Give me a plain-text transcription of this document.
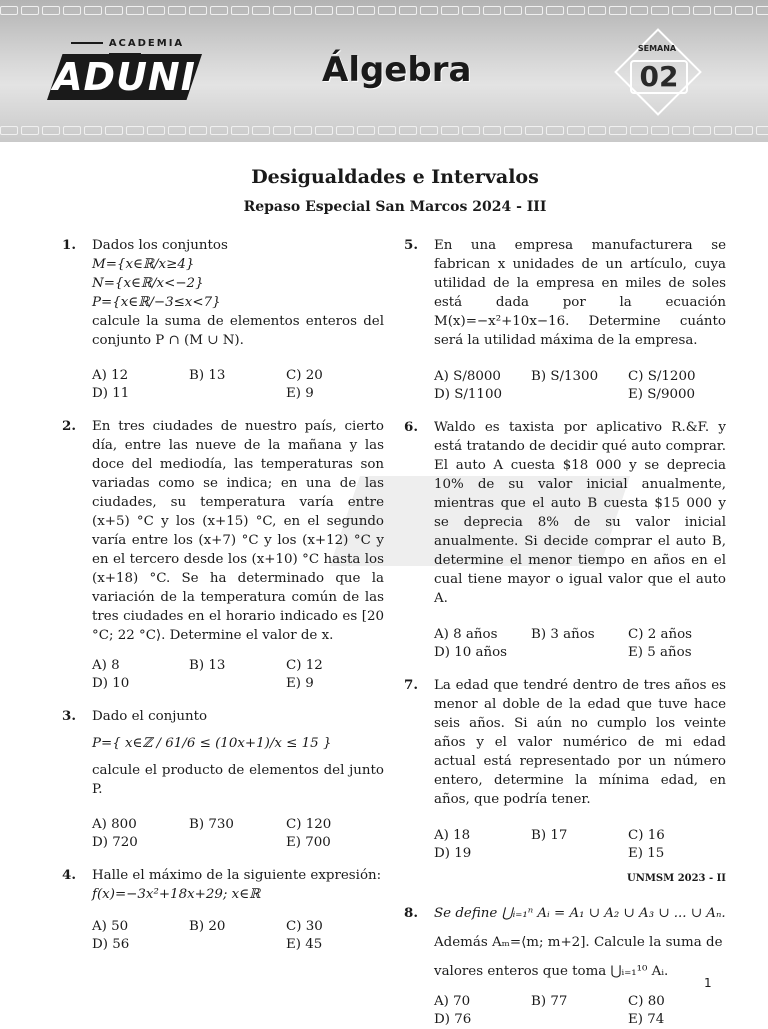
ACADEMIA
ADUNI	Álgebra
SEMANA
02
Desigualdades e Intervalos
Repaso Especial San Marcos 2024 - III
1. Dados los conjuntos

M={x∈ℝ/x≥4}

N={x∈ℝ/x<−2}

P={x∈ℝ/−3≤x<7}

calcule la suma de elementos enteros del conjunto P ∩ (M ∪ N).

A) 12	B) 13	C) 20
D) 11	E) 9
2. En tres ciudades de nuestro país, cierto día, entre las nueve de la mañana y las doce del mediodía, las temperaturas son variadas como se indica; en una de las ciudades, su temperatura varía entre (x+5) °C y los (x+15) °C, en el segundo varía entre los (x+7) °C y los (x+12) °C y en el tercero desde los (x+10) °C hasta los (x+18) °C. Se ha determinado que la variación de la temperatura común de las tres ciudades en el horario indicado es [20 °C; 22 °C⟩. Determine el valor de x.

A) 8	B) 13	C) 12
D) 10	E) 9
3. Dado el conjunto

P={ x∈ℤ / 61/6 ≤ (10x+1)/x ≤ 15 }

calcule el producto de elementos del junto P.

A) 800	B) 730	C) 120
D) 720	E) 700
4. Halle el máximo de la siguiente expresión:

f(x)=−3x²+18x+29; x∈ℝ

A) 50	B) 20	C) 30
D) 56	E) 45
5. En una empresa manufacturera se fabrican x unidades de un artículo, cuya utilidad de la empresa en miles de soles está dada por la ecuación M(x)=−x²+10x−16. Determine cuánto será la utilidad máxima de la empresa.

A) S/8000	B) S/1300	C) S/1200
D) S/1100	E) S/9000
6. Waldo es taxista por aplicativo R.&F. y está tratando de decidir qué auto comprar. El auto A cuesta $18 000 y se deprecia 10% de su valor inicial anualmente, mientras que el auto B cuesta $15 000 y se deprecia 8% de su valor inicial anualmente. Si decide comprar el auto B, determine el menor tiempo en años en el cual tiene mayor o igual valor que el auto A.

A) 8 años	B) 3 años	C) 2 años
D) 10 años	E) 5 años
7. La edad que tendré dentro de tres años es menor al doble de la edad que tuve hace seis años. Si aún no cumplo los veinte años y el valor numérico de mi edad actual está representado por un número entero, determine la mínima edad, en años, que podría tener.

A) 18	B) 17	C) 16
D) 19	E) 15
UNMSM 2023 - II
8. Se define ⋃ᵢ₌₁ⁿ Aᵢ = A₁ ∪ A₂ ∪ A₃ ∪ ... ∪ Aₙ.

Además Aₘ=⟨m; m+2]. Calcule la suma de

valores enteros que toma ⋃ᵢ₌₁¹⁰ Aᵢ.

A) 70	B) 77	C) 80
D) 76	E) 74
1
